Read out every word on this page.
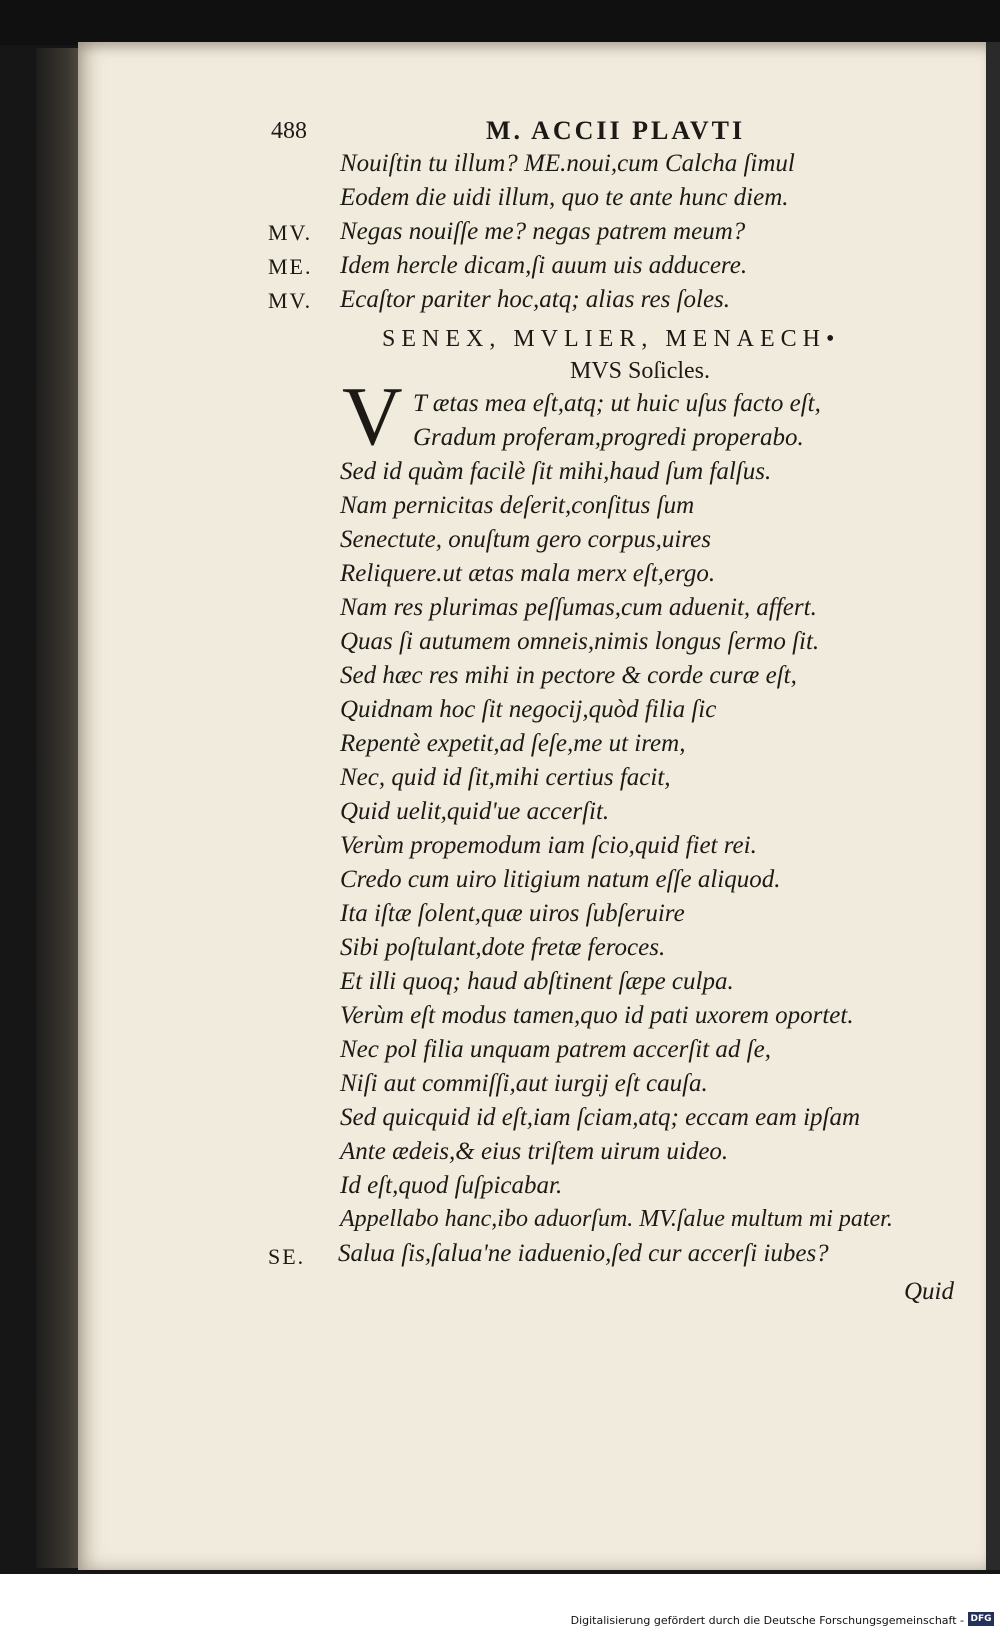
488	M. ACCII PLAVTI
Nouiſtin tu illum? ME.noui,cum Calcha ſimul
Eodem die uidi illum, quo te ante hunc diem.
MV. Negas nouiſſe me? negas patrem meum?
ME. Idem hercle dicam,ſi auum uis adducere.
MV. Ecaſtor pariter hoc,atq; alias res ſoles.
SENEX, MVLIER, MENAECH•
MVS Soſicles.
V T ætas mea eſt,atq; ut huic uſus facto eſt,
Gradum proferam,progredi properabo.
Sed id quàm facilè ſit mihi,haud ſum falſus.
Nam pernicitas deſerit,conſitus ſum
Senectute, onuſtum gero corpus,uires
Reliquere.ut ætas mala merx eſt,ergo.
Nam res plurimas peſſumas,cum aduenit, affert.
Quas ſi autumem omneis,nimis longus ſermo ſit.
Sed hæc res mihi in pectore & corde curæ eſt,
Quidnam hoc ſit negocij,quòd filia ſic
Repentè expetit,ad ſeſe,me ut irem,
Nec, quid id ſit,mihi certius facit,
Quid uelit,quid'ue accerſit.
Verùm propemodum iam ſcio,quid fiet rei.
Credo cum uiro litigium natum eſſe aliquod.
Ita iſtæ ſolent,quæ uiros ſubſeruire
Sibi poſtulant,dote fretæ feroces.
Et illi quoq; haud abſtinent ſæpe culpa.
Verùm eſt modus tamen,quo id pati uxorem oportet.
Nec pol filia unquam patrem accerſit ad ſe,
Niſi aut commiſſi,aut iurgij eſt cauſa.
Sed quicquid id eſt,iam ſciam,atq; eccam eam ipſam
Ante ædeis,& eius triſtem uirum uideo.
Id eſt,quod ſuſpicabar.
Appellabo hanc,ibo aduorſum. MV.ſalue multum mi pater.
SE. Salua ſis,ſalua'ne iaduenio,ſed cur accerſi iubes?
Quid
Digitalisierung gefördert durch die Deutsche Forschungsgemeinschaft - DFG
